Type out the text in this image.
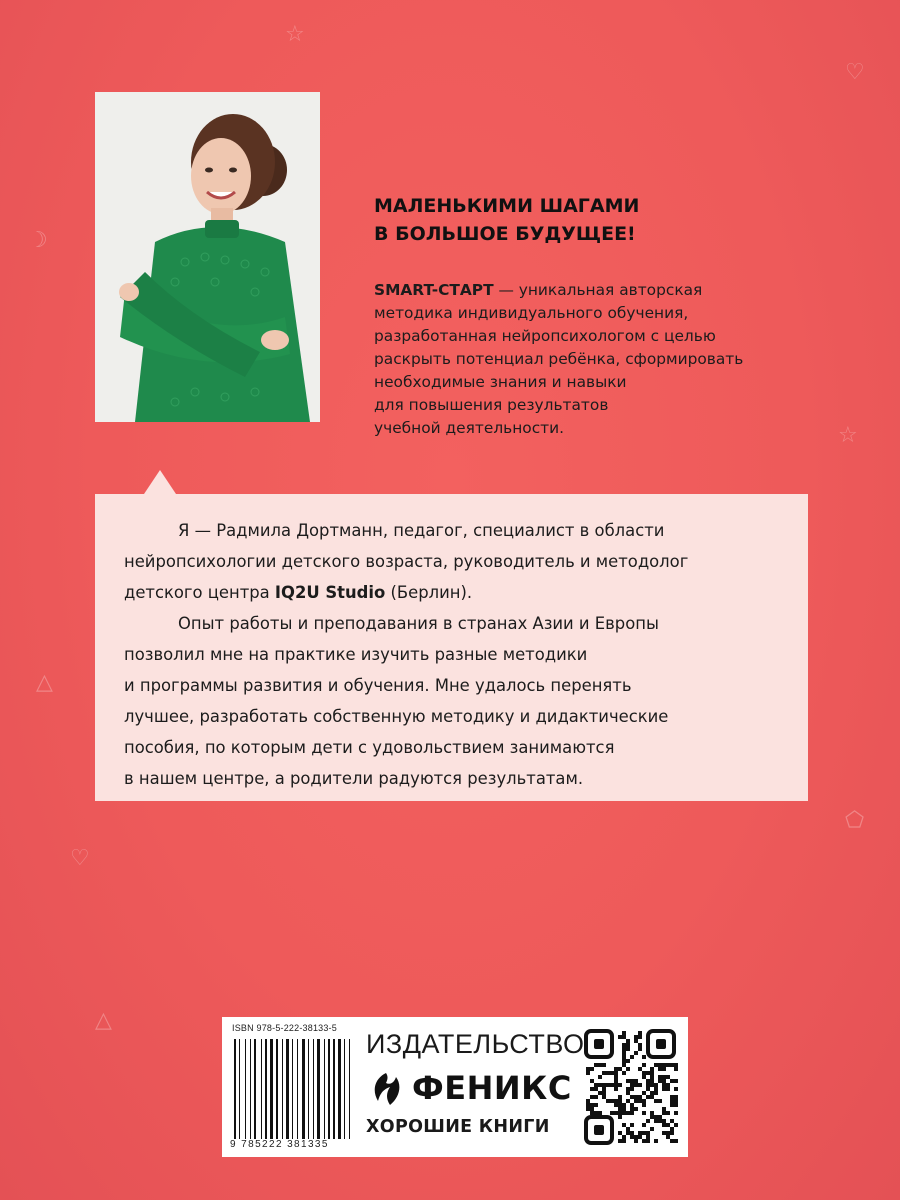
☆
♡
☽
☆
△
⬠
♡
△
МАЛЕНЬКИМИ ШАГАМИ
В БОЛЬШОЕ БУДУЩЕЕ!
SMART-СТАРТ — уникальная авторская
методика индивидуального обучения,
разработанная нейропсихологом с целью
раскрыть потенциал ребёнка, сформировать
необходимые знания и навыки
для повышения результатов
учебной деятельности.
Я — Радмила Дортманн, педагог, специалист в области
нейропсихологии детского возраста, руководитель и методолог
детского центра IQ2U Studio (Берлин).
Опыт работы и преподавания в странах Азии и Европы
позволил мне на практике изучить разные методики
и программы развития и обучения. Мне удалось перенять
лучшее, разработать собственную методику и дидактические
пособия, по которым дети с удовольствием занимаются
в нашем центре, а родители радуются результатам.
ISBN 978-5-222-38133-5
9 785222 381335
ИЗДАТЕЛЬСТВО
ФЕНИКС
ХОРОШИЕ КНИГИ
